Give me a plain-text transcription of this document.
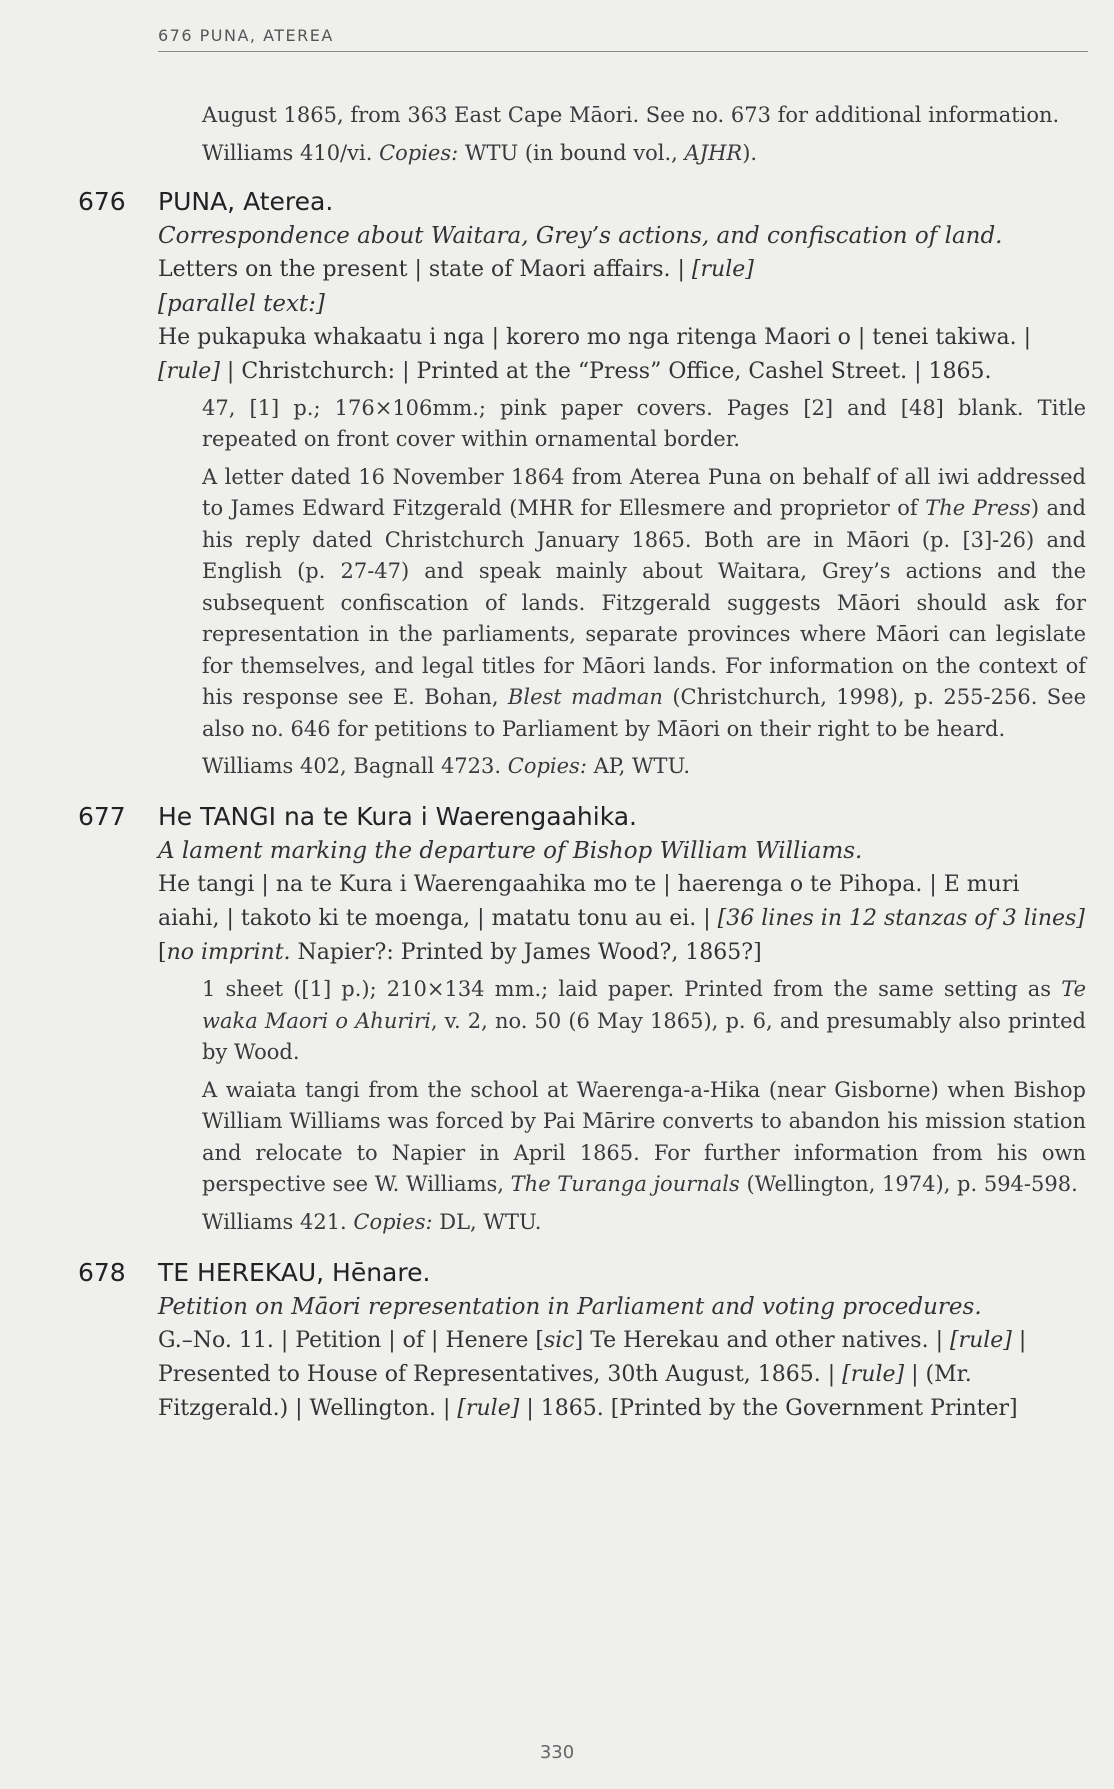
676 PUNA, ATEREA
August 1865, from 363 East Cape Māori. See no. 673 for additional information.
Williams 410/vi. Copies: WTU (in bound vol., AJHR).
676	PUNA, Aterea.
Correspondence about Waitara, Grey’s actions, and confiscation of land.
Letters on the present | state of Maori affairs. | [rule]
[parallel text:]
He pukapuka whakaatu i nga | korero mo nga ritenga Maori o | tenei takiwa. | [rule] | Christchurch: | Printed at the “Press” Office, Cashel Street. | 1865.
47, [1] p.; 176×106mm.; pink paper covers. Pages [2] and [48] blank. Title repeated on front cover within ornamental border.
A letter dated 16 November 1864 from Aterea Puna on behalf of all iwi addressed to James Edward Fitzgerald (MHR for Ellesmere and proprietor of The Press) and his reply dated Christchurch January 1865. Both are in Māori (p. [3]-26) and English (p. 27-47) and speak mainly about Waitara, Grey’s actions and the subsequent confiscation of lands. Fitzgerald suggests Māori should ask for representation in the parliaments, separate provinces where Māori can legislate for themselves, and legal titles for Māori lands. For information on the context of his response see E. Bohan, Blest madman (Christchurch, 1998), p. 255-256. See also no. 646 for petitions to Parliament by Māori on their right to be heard.
Williams 402, Bagnall 4723. Copies: AP, WTU.
677	He TANGI na te Kura i Waerengaahika.
A lament marking the departure of Bishop William Williams.
He tangi | na te Kura i Waerengaahika mo te | haerenga o te Pihopa. | E muri aiahi, | takoto ki te moenga, | matatu tonu au ei. | [36 lines in 12 stanzas of 3 lines] [no imprint. Napier?: Printed by James Wood?, 1865?]
1 sheet ([1] p.); 210×134 mm.; laid paper. Printed from the same setting as Te waka Maori o Ahuriri, v. 2, no. 50 (6 May 1865), p. 6, and presumably also printed by Wood.
A waiata tangi from the school at Waerenga-a-Hika (near Gisborne) when Bishop William Williams was forced by Pai Mārire converts to abandon his mission station and relocate to Napier in April 1865. For further information from his own perspective see W. Williams, The Turanga journals (Wellington, 1974), p. 594-598.
Williams 421. Copies: DL, WTU.
678	TE HEREKAU, Hēnare.
Petition on Māori representation in Parliament and voting procedures.
G.–No. 11. | Petition | of | Henere [sic] Te Herekau and other natives. | [rule] | Presented to House of Representatives, 30th August, 1865. | [rule] | (Mr. Fitzgerald.) | Wellington. | [rule] | 1865. [Printed by the Government Printer]
330
